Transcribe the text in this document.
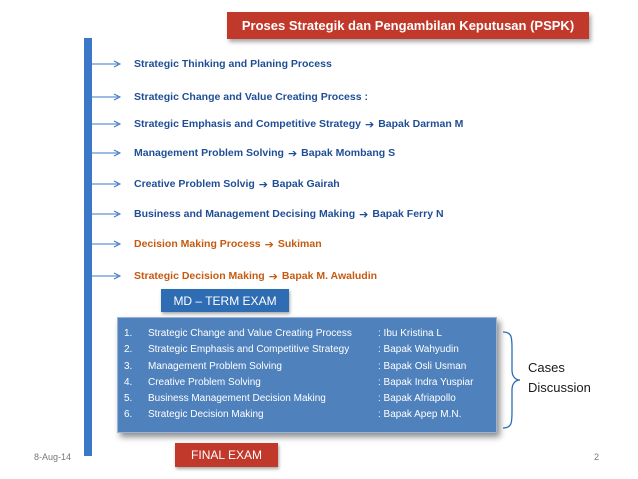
Proses Strategik dan Pengambilan Keputusan (PSPK)
Strategic Thinking and Planing Process
Strategic Change and Value Creating Process :
Strategic Emphasis and Competitive Strategy ➔ Bapak Darman M
Management Problem Solving ➔ Bapak Mombang S
Creative Problem Solvig ➔ Bapak Gairah
Business and Management Decising Making ➔ Bapak Ferry N
Decision Making Process ➔ Sukiman
Strategic Decision Making ➔ Bapak M. Awaludin
MD – TERM EXAM
1.	Strategic Change and Value Creating Process	: Ibu Kristina L
2.	Strategic Emphasis and Competitive Strategy	: Bapak Wahyudin
3.	Management Problem Solving	: Bapak Osli Usman
4.	Creative Problem Solving	: Bapak Indra Yuspiar
5.	Business Management Decision Making	: Bapak Afriapollo
6.	Strategic Decision Making	: Bapak Apep M.N.
Cases
Discussion
FINAL EXAM
8-Aug-14	2
